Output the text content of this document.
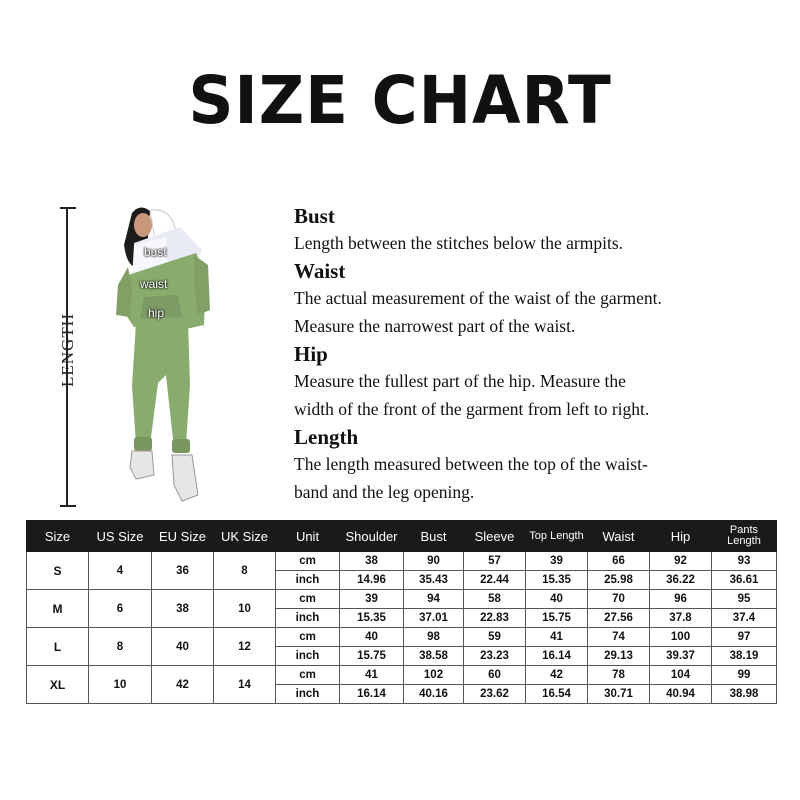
SIZE CHART
LENGTH
bust
waist
hip
Bust
Length between the stitches below the armpits.
Waist
The actual measurement of the waist of the garment.
Measure the narrowest part of the waist.
Hip
Measure the fullest part of the hip. Measure the
width of the front of the garment from left to right.
Length
The length measured between the top of the waist-
band and the leg opening.
Size	US Size	EU Size	UK Size	Unit	Shoulder	Bust	Sleeve	Top Length	Waist	Hip	Pants Length
S	4	36	8	cm	38	90	57	39	66	92	93
				inch	14.96	35.43	22.44	15.35	25.98	36.22	36.61
M	6	38	10	cm	39	94	58	40	70	96	95
				inch	15.35	37.01	22.83	15.75	27.56	37.8	37.4
L	8	40	12	cm	40	98	59	41	74	100	97
				inch	15.75	38.58	23.23	16.14	29.13	39.37	38.19
XL	10	42	14	cm	41	102	60	42	78	104	99
				inch	16.14	40.16	23.62	16.54	30.71	40.94	38.98
